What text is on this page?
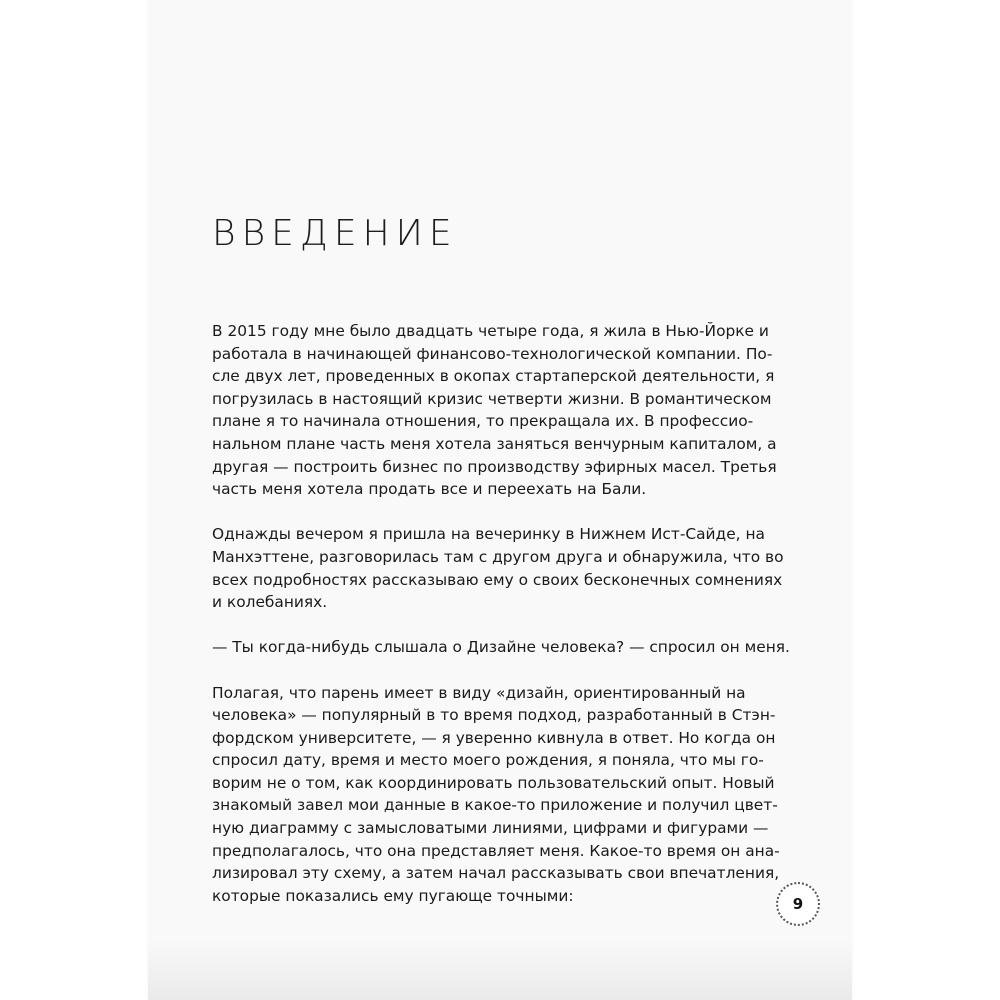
ВВЕДЕНИЕ

В 2015 году мне было двадцать четыре года, я жила в Нью-Йорке и
работала в начинающей финансово-технологической компании. По-
сле двух лет, проведенных в окопах стартаперской деятельности, я
погрузилась в настоящий кризис четверти жизни. В романтическом
плане я то начинала отношения, то прекращала их. В профессио-
нальном плане часть меня хотела заняться венчурным капиталом, а
другая — построить бизнес по производству эфирных масел. Третья
часть меня хотела продать все и переехать на Бали.

Однажды вечером я пришла на вечеринку в Нижнем Ист-Сайде, на
Манхэттене, разговорилась там с другом друга и обнаружила, что во
всех подробностях рассказываю ему о своих бесконечных сомнениях
и колебаниях.

— Ты когда-нибудь слышала о Дизайне человека? — спросил он меня.

Полагая, что парень имеет в виду «дизайн, ориентированный на
человека» — популярный в то время подход, разработанный в Стэн-
фордском университете, — я уверенно кивнула в ответ. Но когда он
спросил дату, время и место моего рождения, я поняла, что мы го-
ворим не о том, как координировать пользовательский опыт. Новый
знакомый завел мои данные в какое-то приложение и получил цвет-
ную диаграмму с замысловатыми линиями, цифрами и фигурами —
предполагалось, что она представляет меня. Какое-то время он ана-
лизировал эту схему, а затем начал рассказывать свои впечатления,
которые показались ему пугающе точными:	9
